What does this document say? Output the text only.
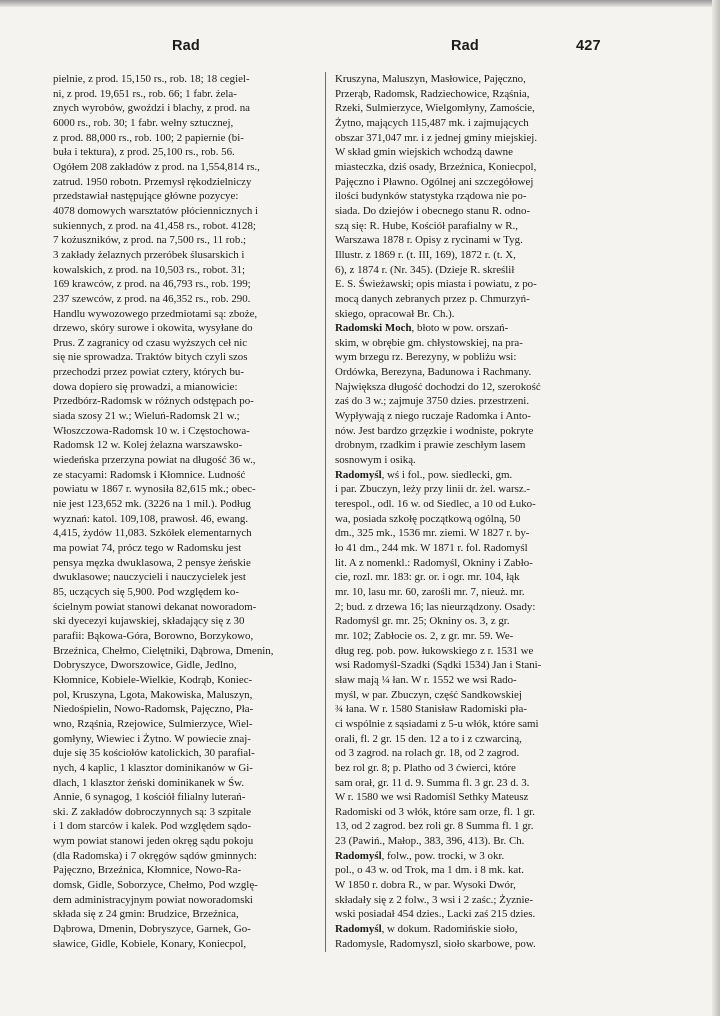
Rad	Rad	427
pielnie, z prod. 15,150 rs., rob. 18; 18 cegiel-
ni, z prod. 19,651 rs., rob. 66; 1 fabr. żela-
znych wyrobów, gwoździ i blachy, z prod. na
6000 rs., rob. 30; 1 fabr. wełny sztucznej,
z prod. 88,000 rs., rob. 100; 2 papiernie (bi-
buła i tektura), z prod. 25,100 rs., rob. 56.
Ogółem 208 zakładów z prod. na 1,554,814 rs.,
zatrud. 1950 robotn. Przemysł rękodzielniczy
przedstawiał następujące główne pozycye:
4078 domowych warsztatów płóciennicznych i
sukiennych, z prod. na 41,458 rs., robot. 4128;
7 kożuszników, z prod. na 7,500 rs., 11 rob.;
3 zakłady żelaznych przeróbek ślusarskich i
kowalskich, z prod. na 10,503 rs., robot. 31;
169 krawców, z prod. na 46,793 rs., rob. 199;
237 szewców, z prod. na 46,352 rs., rob. 290.
Handlu wywozowego przedmiotami są: zboże,
drzewo, skóry surowe i okowita, wysyłane do
Prus. Z zagranicy od czasu wyższych ceł nic
się nie sprowadza. Traktów bitych czyli szos
przechodzi przez powiat cztery, których bu-
dowa dopiero się prowadzi, a mianowicie:
Przedbórz-Radomsk w różnych odstępach po-
siada szosy 21 w.; Wieluń-Radomsk 21 w.;
Włoszczowa-Radomsk 10 w. i Częstochowa-
Radomsk 12 w. Kolej żelazna warszawsko-
wiedeńska przerzyna powiat na długość 36 w.,
ze stacyami: Radomsk i Kłomnice. Ludność
powiatu w 1867 r. wynosiła 82,615 mk.; obec-
nie jest 123,652 mk. (3226 na 1 mil.). Podług
wyznań: katol. 109,108, prawosł. 46, ewang.
4,415, żydów 11,083. Szkółek elementarnych
ma powiat 74, prócz tego w Radomsku jest
pensya męzka dwuklasowa, 2 pensye żeńskie
dwuklasowe; nauczycieli i nauczycielek jest
85, uczących się 5,900. Pod względem ko-
ścielnym powiat stanowi dekanat noworadom-
ski dyecezyi kujawskiej, składający się z 30
parafii: Bąkowa-Góra, Borowno, Borzykowo,
Brzeźnica, Chełmo, Cielętniki, Dąbrowa, Dmenin,
Dobryszyce, Dworszowice, Gidle, Jedlno,
Kłomnice, Kobiele-Wielkie, Kodrąb, Koniec-
pol, Kruszyna, Lgota, Makowiska, Maluszyn,
Niedośpielin, Nowo-Radomsk, Pajęczno, Pła-
wno, Rząśnia, Rzejowice, Sulmierzyce, Wiel-
gomłyny, Wiewiec i Żytno. W powiecie znaj-
duje się 35 kościołów katolickich, 30 parafial-
nych, 4 kaplic, 1 klasztor dominikanów w Gi-
dlach, 1 klasztor żeński dominikanek w Św.
Annie, 6 synagog, 1 kościół filialny luterań-
ski. Z zakładów dobroczynnych są: 3 szpitale
i 1 dom starców i kalek. Pod względem sądo-
wym powiat stanowi jeden okręg sądu pokoju
(dla Radomska) i 7 okręgów sądów gminnych:
Pajęczno, Brzeźnica, Kłomnice, Nowo-Ra-
domsk, Gidle, Soborzyce, Chełmo, Pod wzglę-
dem administracyjnym powiat noworadomski
składa się z 24 gmin: Brudzice, Brzeźnica,
Dąbrowa, Dmenin, Dobryszyce, Garnek, Go-
sławice, Gidle, Kobiele, Konary, Koniecpol,
Kruszyna, Maluszyn, Masłowice, Pajęczno,
Przerąb, Radomsk, Radziechowice, Rząśnia,
Rzeki, Sulmierzyce, Wielgomłyny, Zamoście,
Żytno, mających 115,487 mk. i zajmujących
obszar 371,047 mr. i z jednej gminy miejskiej.
W skład gmin wiejskich wchodzą dawne
miasteczka, dziś osady, Brzeźnica, Koniecpol,
Pajęczno i Pławno. Ogólnej ani szczegółowej
ilości budynków statystyka rządowa nie po-
siada. Do dziejów i obecnego stanu R. odno-
szą się: R. Hube, Kościół parafialny w R.,
Warszawa 1878 r. Opisy z rycinami w Tyg.
Illustr. z 1869 r. (t. III, 169), 1872 r. (t. X,
6), z 1874 r. (Nr. 345). (Dzieje R. skreślił
E. S. Świeżawski; opis miasta i powiatu, z po-
mocą danych zebranych przez p. Chmurzyń-
skiego, opracował Br. Ch.).
Radomski Moch, błoto w pow. orszań-
skim, w obrębie gm. chłystowskiej, na pra-
wym brzegu rz. Berezyny, w pobliżu wsi:
Ordówka, Berezyna, Badunowa i Rachmany.
Największa długość dochodzi do 12, szerokość
zaś do 3 w.; zajmuje 3750 dzies. przestrzeni.
Wypływają z niego ruczaje Radomka i Anto-
nów. Jest bardzo grzęzkie i wodniste, pokryte
drobnym, rzadkim i prawie zeschłym lasem
sosnowym i osiką.
Radomyśl, wś i fol., pow. siedlecki, gm.
i par. Zbuczyn, leży przy linii dr. żel. warsz.-
terespol., odl. 16 w. od Siedlec, a 10 od Łuko-
wa, posiada szkołę początkową ogólną, 50
dm., 325 mk., 1536 mr. ziemi. W 1827 r. by-
ło 41 dm., 244 mk. W 1871 r. fol. Radomyśl
lit. A z nomenkl.: Radomyśl, Okniny i Zabło-
cie, rozl. mr. 183: gr. or. i ogr. mr. 104, łąk
mr. 10, lasu mr. 60, zarośli mr. 7, nieuż. mr.
2; bud. z drzewa 16; las nieurządzony. Osady:
Radomyśl gr. mr. 25; Okniny os. 3, z gr.
mr. 102; Zabłocie os. 2, z gr. mr. 59. We-
dług reg. pob. pow. łukowskiego z r. 1531 we
wsi Radomyśl-Szadki (Sądki 1534) Jan i Stani-
sław mają ¼ łan. W r. 1552 we wsi Rado-
myśl, w par. Zbuczyn, część Sandkowskiej
¾ łana. W r. 1580 Stanisław Radomiski pła-
ci wspólnie z sąsiadami z 5-u włók, które sami
orali, fl. 2 gr. 15 den. 12 a to i z czwarciną,
od 3 zagrod. na rolach gr. 18, od 2 zagrod.
bez rol gr. 8; p. Platho od 3 ćwierci, które
sam orał, gr. 11 d. 9. Summa fl. 3 gr. 23 d. 3.
W r. 1580 we wsi Radomiśl Sethky Mateusz
Radomiski od 3 włók, które sam orze, fl. 1 gr.
13, od 2 zagrod. bez roli gr. 8 Summa fl. 1 gr.
23 (Pawiń., Małop., 383, 396, 413). Br. Ch.
Radomyśl, folw., pow. trocki, w 3 okr.
pol., o 43 w. od Trok, ma 1 dm. i 8 mk. kat.
W 1850 r. dobra R., w par. Wysoki Dwór,
składały się z 2 folw., 3 wsi i 2 zaśc.; Żyznie-
wski posiadał 454 dzies., Lacki zaś 215 dzies.
Radomyśl, w dokum. Radomińskie sioło,
Radomysle, Radomyszl, sioło skarbowe, pow.
